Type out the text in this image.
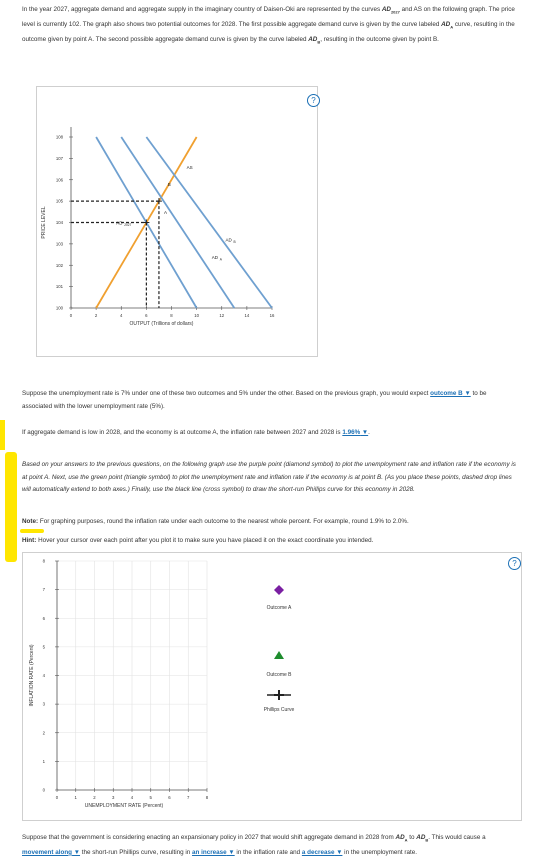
In the year 2027, aggregate demand and aggregate supply in the imaginary country of Daisen-Oki are represented by the curves $AD_{2027}$ and AS on the following graph. The price level is currently 102. The graph also shows two potential outcomes for 2028. The first possible aggregate demand curve is given by the curve labeled $AD_A$ curve, resulting in the outcome given by point A. The second possible aggregate demand curve is given by the curve labeled $AD_B$, resulting in the outcome given by point B.
?
108
107
106
105
104
103
102
101
100
0	2	4	6	8	10	12	14	16
OUTPUT (Trillions of dollars)
PRICE LEVEL	A
B
AS
AD B
AD A
AD 2027
Suppose the unemployment rate is 7% under one of these two outcomes and 5% under the other. Based on the previous graph, you would expect outcome B ▼ to be associated with the lower unemployment rate (5%).
If aggregate demand is low in 2028, and the economy is at outcome A, the inflation rate between 2027 and 2028 is 1.96% ▼.
Based on your answers to the previous questions, on the following graph use the purple point (diamond symbol) to plot the unemployment rate and inflation rate if the economy is at point A. Next, use the green point (triangle symbol) to plot the unemployment rate and inflation rate if the economy is at point B. (As you place these points, dashed drop lines will automatically extend to both axes.) Finally, use the black line (cross symbol) to draw the short-run Phillips curve for this economy in 2028.
Note: For graphing purposes, round the inflation rate under each outcome to the nearest whole percent. For example, round 1.9% to 2.0%.
Hint: Hover your cursor over each point after you plot it to make sure you have placed it on the exact coordinate you intended.
?
8
7
6
5
4
3
2
1
0
0	1	2	3	4	5	6	7	8
UNEMPLOYMENT RATE (Percent)
INFLATION RATE (Percent)
Outcome A
Outcome B
Phillips Curve
Suppose that the government is considering enacting an expansionary policy in 2027 that would shift aggregate demand in 2028 from $AD_A$ to $AD_B$. This would cause a movement along ▼ the short-run Phillips curve, resulting in an increase ▼ in the inflation rate and a decrease ▼ in the unemployment rate.
